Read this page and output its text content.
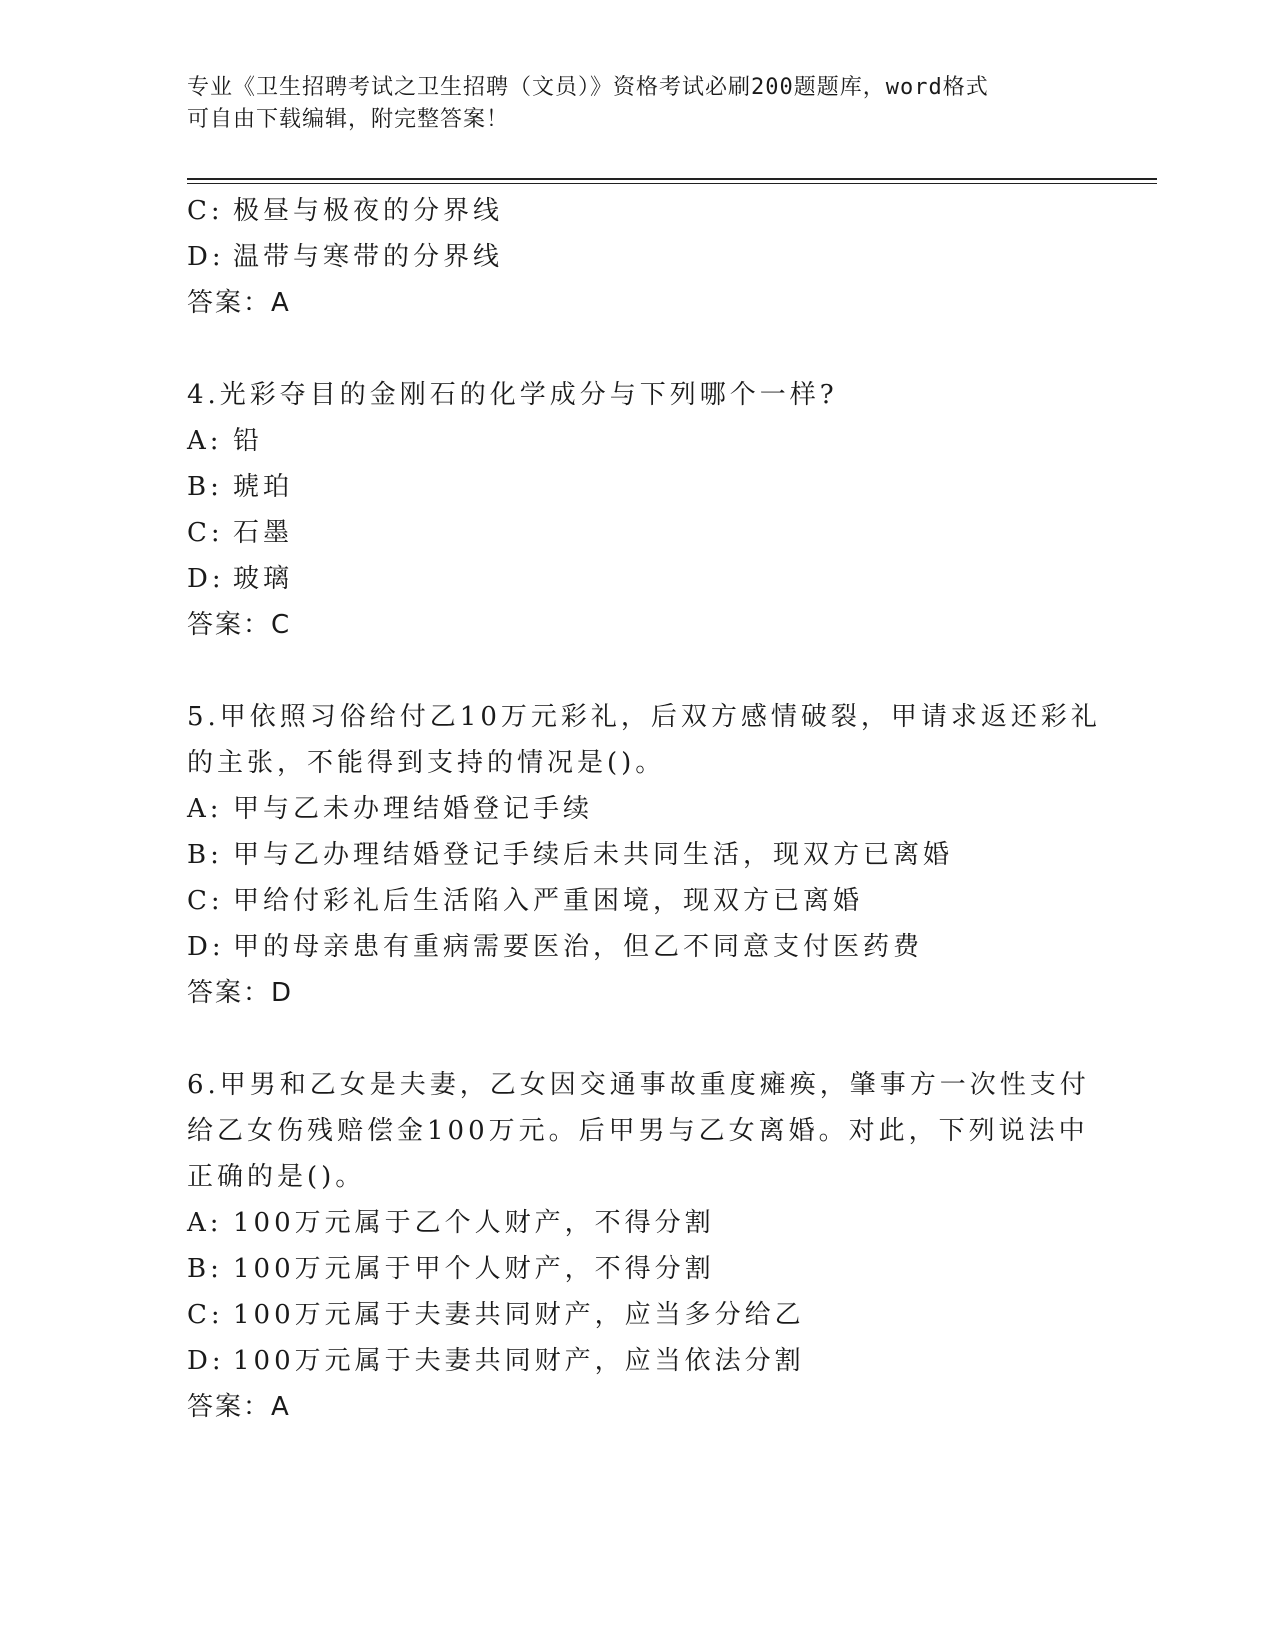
专业《卫生招聘考试之卫生招聘（文员）》资格考试必刷200题题库，word格式
可自由下载编辑，附完整答案！
C: 极昼与极夜的分界线
D: 温带与寒带的分界线
答案：A
4.光彩夺目的金刚石的化学成分与下列哪个一样?
A: 铅
B: 琥珀
C: 石墨
D: 玻璃
答案：C
5.甲依照习俗给付乙10万元彩礼，后双方感情破裂，甲请求返还彩礼
的主张，不能得到支持的情况是()。
A: 甲与乙未办理结婚登记手续
B: 甲与乙办理结婚登记手续后未共同生活，现双方已离婚
C: 甲给付彩礼后生活陷入严重困境，现双方已离婚
D: 甲的母亲患有重病需要医治，但乙不同意支付医药费
答案：D
6.甲男和乙女是夫妻，乙女因交通事故重度瘫痪，肇事方一次性支付
给乙女伤残赔偿金100万元。后甲男与乙女离婚。对此，下列说法中
正确的是()。
A: 100万元属于乙个人财产，不得分割
B: 100万元属于甲个人财产，不得分割
C: 100万元属于夫妻共同财产，应当多分给乙
D: 100万元属于夫妻共同财产，应当依法分割
答案：A
